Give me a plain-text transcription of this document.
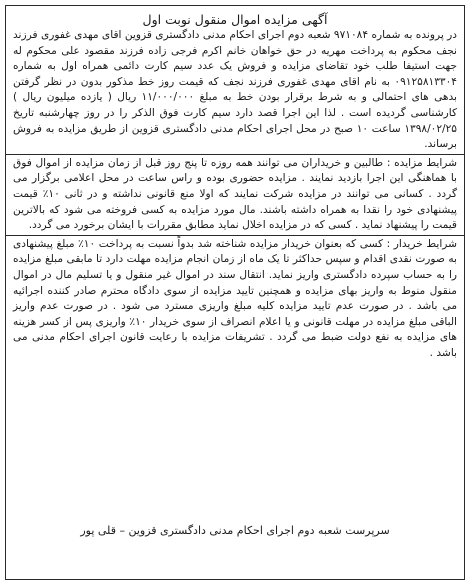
آگهی مزایده اموال منقول نوبت اول

در پرونده به شماره ۹۷۱۰۸۴ شعبه دوم اجرای احکام مدنی دادگستری قزوین اقای مهدی غفوری فرزند نجف محکوم به پرداخت مهریه در حق خواهان خانم اکرم فرجی زاده فرزند مقصود علی محکوم له جهت استیفا طلب خود تقاضای مزایده و فروش یک عدد سیم کارت دائمی همراه اول به شماره ۰۹۱۲۵۸۱۳۳۰۴ به نام اقای مهدی غفوری فرزند نجف که قیمت روز خط مذکور بدون در نظر گرفتن بدهی های احتمالی و به شرط برقرار بودن خط به مبلغ ۱۱/۰۰۰/۰۰۰ ریال ( یازده میلیون ریال ) کارشناسی گردیده است . لذا این اجرا قصد دارد سیم کارت فوق الذکر را در روز چهارشنبه تاریخ ۱۳۹۸/۰۲/۲۵ ساعت ۱۰ صبح در محل اجرای احکام مدنی دادگستری قزوین از طریق مزایده به فروش برساند.

شرایط مزایده : طالبین و خریداران می توانند همه روزه تا پنج روز قبل از زمان مزایده از اموال فوق با هماهنگی این اجرا بازدید نمایند . مزایده حضوری بوده و راس ساعت در محل اعلامی برگزار می گردد . کسانی می توانند در مزایده شرکت نمایند که اولا منع قانونی نداشته و در ثانی ۱۰٪ قیمت پیشنهادی خود را نقدا به همراه داشته باشند. مال مورد مزایده به کسی فروخته می شود که بالاترین قیمت را پیشنهاد نماید . کسی که در مزایده اخلال نماید مطابق مقررات با ایشان برخورد می گردد.

شرایط خریدار : کسی که بعنوان خریدار مزایده شناخته شد بدواً نسبت به پرداخت ۱۰٪ مبلغ پیشنهادی به صورت نقدی اقدام و سپس حداکثر تا یک ماه از زمان انجام مزایده مهلت دارد تا مابقی مبلغ مزایده را به حساب سپرده دادگستری واریز نماید. انتقال سند در اموال غیر منقول و یا تسلیم مال در اموال منقول منوط به واریز بهای مزایده و همچنین تایید مزایده از سوی دادگاه محترم صادر کننده اجرائیه می باشد . در صورت عدم تایید مزایده کلیه مبلغ واریزی مسترد می شود . در صورت عدم واریز الباقی مبلغ مزایده در مهلت قانونی و یا اعلام انصراف از سوی خریدار ۱۰٪ واریزی پس از کسر هزینه های مزایده به نفع دولت ضبط می گردد . تشریفات مزایده با رعایت قانون اجرای احکام مدنی می باشد .

سرپرست شعبه دوم اجرای احکام مدنی دادگستری قزوین – قلی پور
